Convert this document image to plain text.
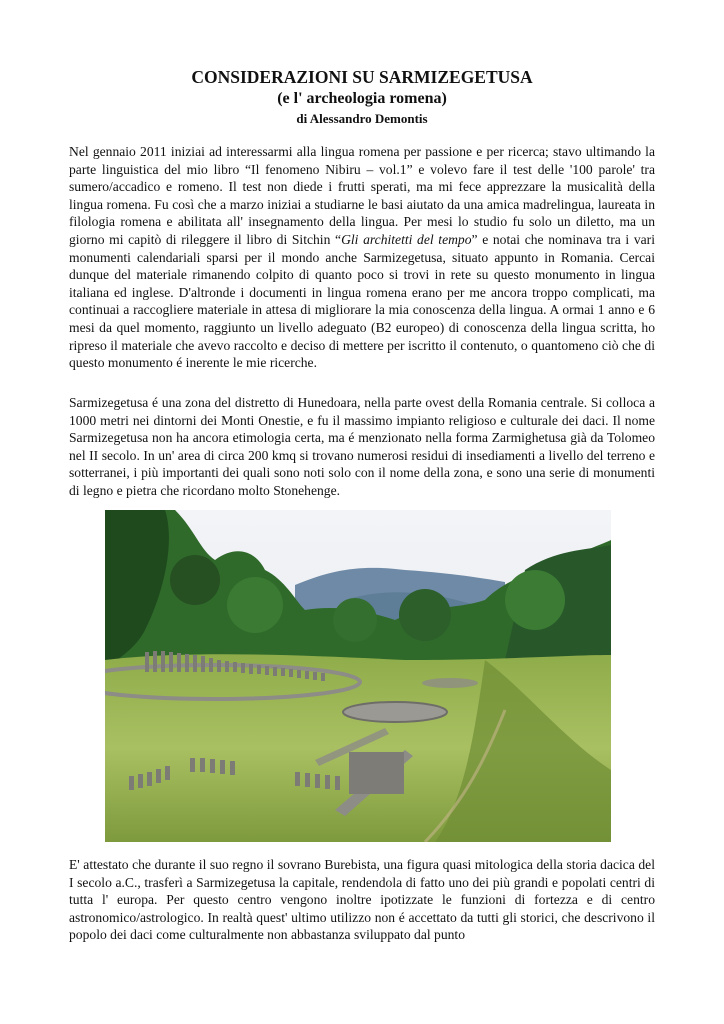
CONSIDERAZIONI SU SARMIZEGETUSA
(e l' archeologia romena)
di Alessandro Demontis

Nel gennaio 2011 iniziai ad interessarmi alla lingua romena per passione e per ricerca; stavo ultimando la parte linguistica del mio libro “Il fenomeno Nibiru – vol.1” e volevo fare il test delle '100 parole' tra sumero/accadico e romeno. Il test non diede i frutti sperati, ma mi fece apprezzare la musicalità della lingua romena. Fu così che a marzo iniziai a studiarne le basi aiutato da una amica madrelingua, laureata in filologia romena e abilitata all' insegnamento della lingua. Per mesi lo studio fu solo un diletto, ma un giorno mi capitò di rileggere il libro di Sitchin “Gli architetti del tempo” e notai che nominava tra i vari monumenti calendariali sparsi per il mondo anche Sarmizegetusa, situato appunto in Romania. Cercai dunque del materiale rimanendo colpito di quanto poco si trovi in rete su questo monumento in lingua italiana ed inglese. D'altronde i documenti in lingua romena erano per me ancora troppo complicati, ma continuai a raccogliere materiale in attesa di migliorare la mia conoscenza della lingua. A ormai 1 anno e 6 mesi da quel momento, raggiunto un livello adeguato (B2 europeo) di conoscenza della lingua scritta, ho ripreso il materiale che avevo raccolto e deciso di mettere per iscritto il contenuto, o quantomeno ciò che di questo monumento é inerente le mie ricerche.

Sarmizegetusa é una zona del distretto di Hunedoara, nella parte ovest della Romania centrale. Si colloca a 1000 metri nei dintorni dei Monti Onestie, e fu il massimo impianto religioso e culturale dei daci. Il nome Sarmizegetusa non ha ancora etimologia certa, ma é menzionato nella forma Zarmighetusa già da Tolomeo nel II secolo. In un' area di circa 200 kmq si trovano numerosi residui di insediamenti a livello del terreno e sotterranei, i più importanti dei quali sono noti solo con il nome della zona, e sono una serie di monumenti di legno e pietra che ricordano molto Stonehenge.

E' attestato che durante il suo regno il sovrano Burebista, una figura quasi mitologica della storia dacica del I secolo a.C., trasferì a Sarmizegetusa la capitale, rendendola di fatto uno dei più grandi e popolati centri di tutta l' europa. Per questo centro vengono inoltre ipotizzate le funzioni di fortezza e di centro astronomico/astrologico. In realtà quest' ultimo utilizzo non é accettato da tutti gli storici, che descrivono il popolo dei daci come culturalmente non abbastanza sviluppato dal punto
